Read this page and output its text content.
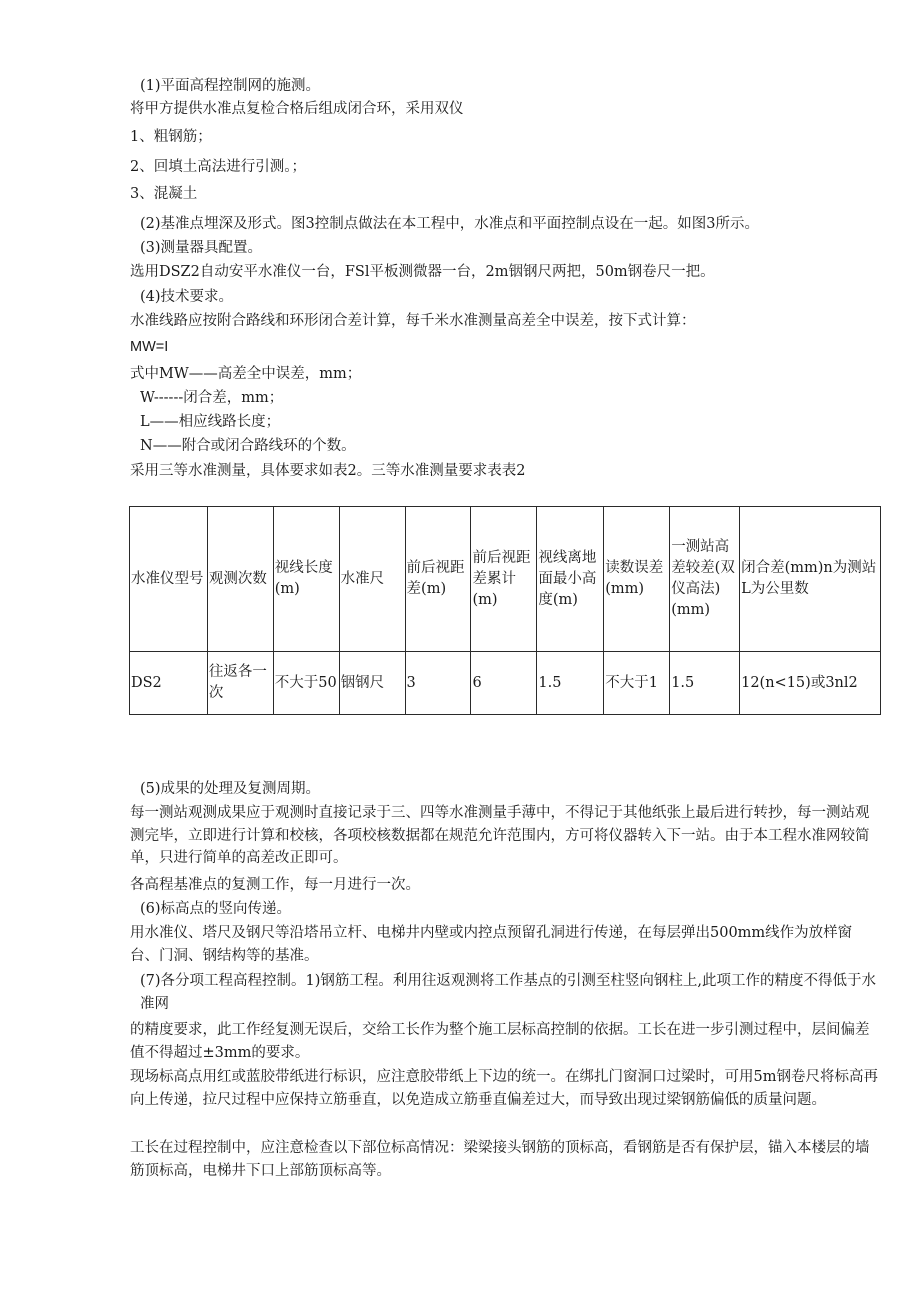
(1)平面高程控制网的施测。
将甲方提供水准点复检合格后组成闭合环，采用双仪
1、粗钢筋；
2、回填土高法进行引测。；
3、混凝土
(2)基准点埋深及形式。图3控制点做法在本工程中，水准点和平面控制点设在一起。如图3所示。
(3)测量器具配置。
选用DSZ2自动安平水准仪一台，FSl平板测微器一台，2m铟钢尺两把，50m钢卷尺一把。
(4)技术要求。
水准线路应按附合路线和环形闭合差计算，每千米水准测量高差全中误差，按下式计算：
MW=I
式中MW——高差全中误差，mm；
W------闭合差，mm；
L——相应线路长度；
N——附合或闭合路线环的个数。
采用三等水准测量，具体要求如表2。三等水准测量要求表表2
水准仪型号	观测次数	视线长度(m)	水准尺	前后视距差(m)	前后视距差累计(m)	视线离地面最小高度(m)	读数误差(mm)	一测站高差较差(双仪高法)(mm)	闭合差(mm)n为测站L为公里数
DS2	往返各一次	不大于50	铟钢尺	3	6	1.5	不大于1	1.5	12(n<15)或3nl2
(5)成果的处理及复测周期。
每一测站观测成果应于观测时直接记录于三、四等水准测量手薄中，不得记于其他纸张上最后进行转抄，每一测站观测完毕，立即进行计算和校核，各项校核数据都在规范允许范围内，方可将仪器转入下一站。由于本工程水准网较简单，只进行简单的高差改正即可。
各高程基准点的复测工作，每一月进行一次。
(6)标高点的竖向传递。
用水准仪、塔尺及钢尺等沿塔吊立杆、电梯井内壁或内控点预留孔洞进行传递，在每层弹出500mm线作为放样窗台、门洞、钢结构等的基准。
(7)各分项工程高程控制。1)钢筋工程。利用往返观测将工作基点的引测至柱竖向钢柱上,此项工作的精度不得低于水准网
的精度要求，此工作经复测无误后，交给工长作为整个施工层标高控制的依据。工长在进一步引测过程中，层间偏差值不得超过±3mm的要求。
现场标高点用红或蓝胶带纸进行标识，应注意胶带纸上下边的统一。在绑扎门窗洞口过梁时，可用5m钢卷尺将标高再向上传递，拉尺过程中应保持立筋垂直，以免造成立筋垂直偏差过大，而导致出现过梁钢筋偏低的质量问题。
工长在过程控制中，应注意检查以下部位标高情况：梁梁接头钢筋的顶标高，看钢筋是否有保护层，锚入本楼层的墙筋顶标高，电梯井下口上部筋顶标高等。
